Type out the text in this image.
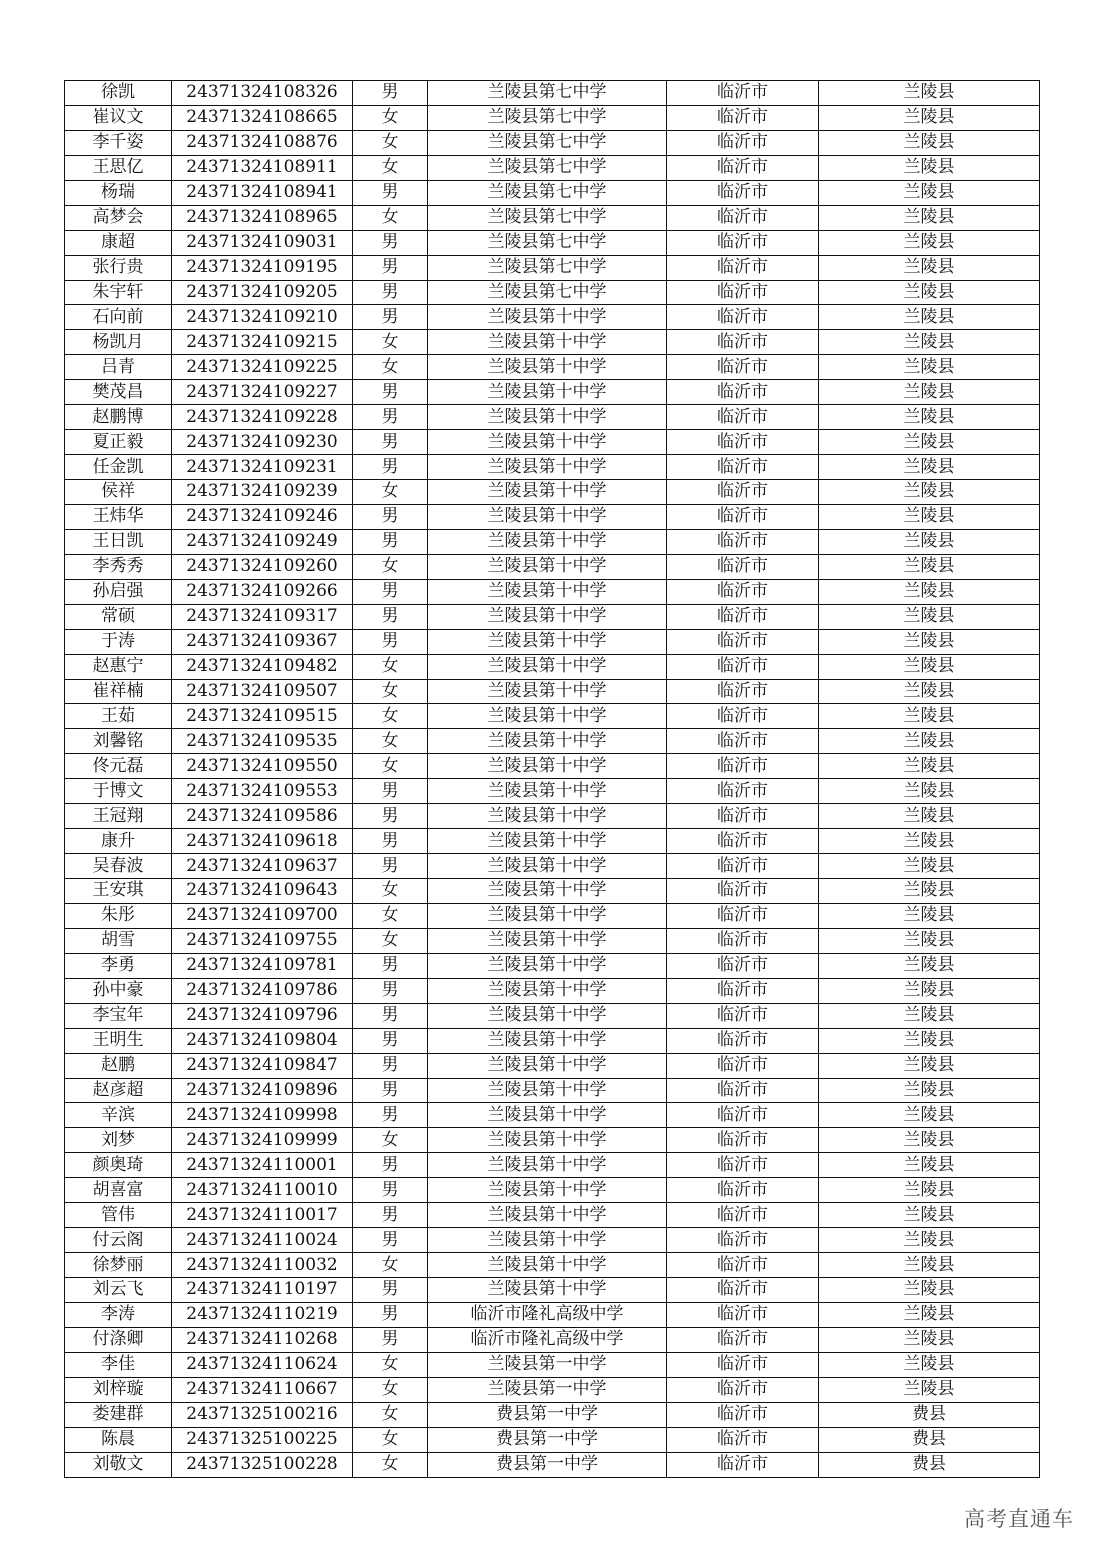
徐凯	24371324108326	男	兰陵县第七中学	临沂市	兰陵县
崔议文	24371324108665	女	兰陵县第七中学	临沂市	兰陵县
李千姿	24371324108876	女	兰陵县第七中学	临沂市	兰陵县
王思亿	24371324108911	女	兰陵县第七中学	临沂市	兰陵县
杨瑞	24371324108941	男	兰陵县第七中学	临沂市	兰陵县
高梦会	24371324108965	女	兰陵县第七中学	临沂市	兰陵县
康超	24371324109031	男	兰陵县第七中学	临沂市	兰陵县
张行贵	24371324109195	男	兰陵县第七中学	临沂市	兰陵县
朱宇轩	24371324109205	男	兰陵县第七中学	临沂市	兰陵县
石向前	24371324109210	男	兰陵县第十中学	临沂市	兰陵县
杨凯月	24371324109215	女	兰陵县第十中学	临沂市	兰陵县
吕青	24371324109225	女	兰陵县第十中学	临沂市	兰陵县
樊茂昌	24371324109227	男	兰陵县第十中学	临沂市	兰陵县
赵鹏博	24371324109228	男	兰陵县第十中学	临沂市	兰陵县
夏正毅	24371324109230	男	兰陵县第十中学	临沂市	兰陵县
任金凯	24371324109231	男	兰陵县第十中学	临沂市	兰陵县
侯祥	24371324109239	女	兰陵县第十中学	临沂市	兰陵县
王炜华	24371324109246	男	兰陵县第十中学	临沂市	兰陵县
王日凯	24371324109249	男	兰陵县第十中学	临沂市	兰陵县
李秀秀	24371324109260	女	兰陵县第十中学	临沂市	兰陵县
孙启强	24371324109266	男	兰陵县第十中学	临沂市	兰陵县
常硕	24371324109317	男	兰陵县第十中学	临沂市	兰陵县
于涛	24371324109367	男	兰陵县第十中学	临沂市	兰陵县
赵惠宁	24371324109482	女	兰陵县第十中学	临沂市	兰陵县
崔祥楠	24371324109507	女	兰陵县第十中学	临沂市	兰陵县
王茹	24371324109515	女	兰陵县第十中学	临沂市	兰陵县
刘馨铭	24371324109535	女	兰陵县第十中学	临沂市	兰陵县
佟元磊	24371324109550	女	兰陵县第十中学	临沂市	兰陵县
于博文	24371324109553	男	兰陵县第十中学	临沂市	兰陵县
王冠翔	24371324109586	男	兰陵县第十中学	临沂市	兰陵县
康升	24371324109618	男	兰陵县第十中学	临沂市	兰陵县
吴春波	24371324109637	男	兰陵县第十中学	临沂市	兰陵县
王安琪	24371324109643	女	兰陵县第十中学	临沂市	兰陵县
朱彤	24371324109700	女	兰陵县第十中学	临沂市	兰陵县
胡雪	24371324109755	女	兰陵县第十中学	临沂市	兰陵县
李勇	24371324109781	男	兰陵县第十中学	临沂市	兰陵县
孙中豪	24371324109786	男	兰陵县第十中学	临沂市	兰陵县
李宝年	24371324109796	男	兰陵县第十中学	临沂市	兰陵县
王明生	24371324109804	男	兰陵县第十中学	临沂市	兰陵县
赵鹏	24371324109847	男	兰陵县第十中学	临沂市	兰陵县
赵彦超	24371324109896	男	兰陵县第十中学	临沂市	兰陵县
辛滨	24371324109998	男	兰陵县第十中学	临沂市	兰陵县
刘梦	24371324109999	女	兰陵县第十中学	临沂市	兰陵县
颜奥琦	24371324110001	男	兰陵县第十中学	临沂市	兰陵县
胡喜富	24371324110010	男	兰陵县第十中学	临沂市	兰陵县
管伟	24371324110017	男	兰陵县第十中学	临沂市	兰陵县
付云阁	24371324110024	男	兰陵县第十中学	临沂市	兰陵县
徐梦丽	24371324110032	女	兰陵县第十中学	临沂市	兰陵县
刘云飞	24371324110197	男	兰陵县第十中学	临沂市	兰陵县
李涛	24371324110219	男	临沂市隆礼高级中学	临沂市	兰陵县
付涤卿	24371324110268	男	临沂市隆礼高级中学	临沂市	兰陵县
李佳	24371324110624	女	兰陵县第一中学	临沂市	兰陵县
刘梓璇	24371324110667	女	兰陵县第一中学	临沂市	兰陵县
娄建群	24371325100216	女	费县第一中学	临沂市	费县
陈晨	24371325100225	女	费县第一中学	临沂市	费县
刘敬文	24371325100228	女	费县第一中学	临沂市	费县
高考直通车
